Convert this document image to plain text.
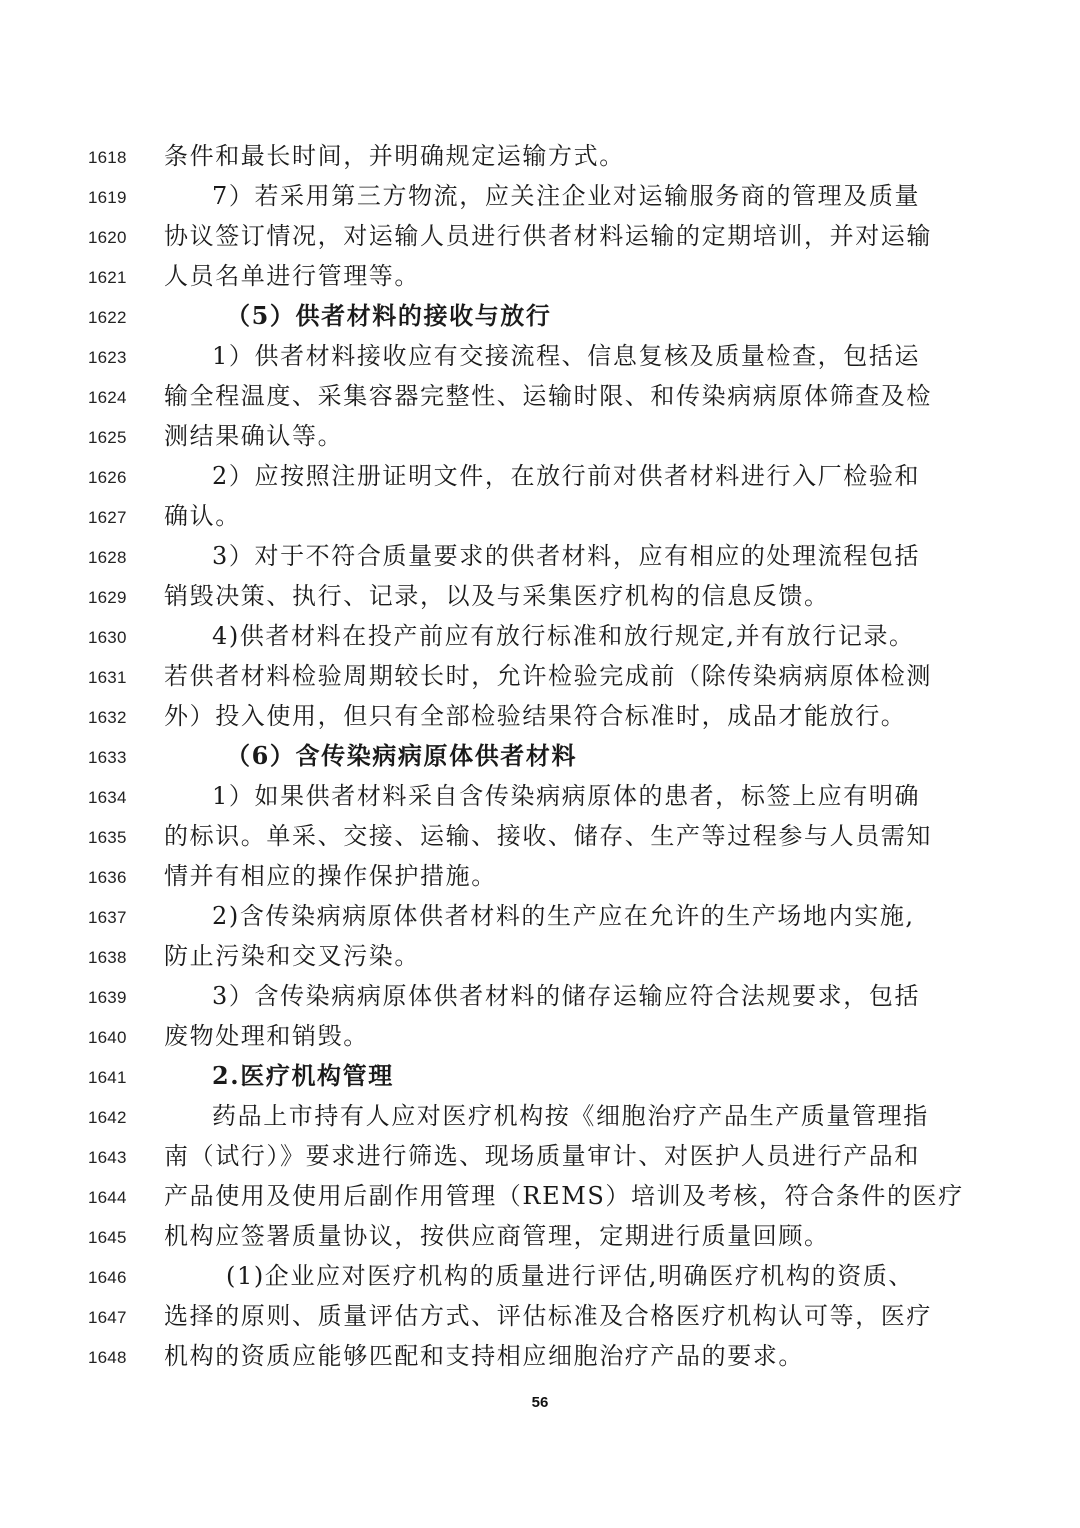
1618 条件和最长时间，并明确规定运输方式。
1619	7）若采用第三方物流，应关注企业对运输服务商的管理及质量
1620 协议签订情况，对运输人员进行供者材料运输的定期培训，并对运输
1621 人员名单进行管理等。
1622	（5）供者材料的接收与放行
1623	1）供者材料接收应有交接流程、信息复核及质量检查，包括运
1624 输全程温度、采集容器完整性、运输时限、和传染病病原体筛查及检
1625 测结果确认等。
1626	2）应按照注册证明文件，在放行前对供者材料进行入厂检验和
1627 确认。
1628	3）对于不符合质量要求的供者材料，应有相应的处理流程包括
1629 销毁决策、执行、记录，以及与采集医疗机构的信息反馈。
1630	4)供者材料在投产前应有放行标准和放行规定,并有放行记录。
1631 若供者材料检验周期较长时，允许检验完成前（除传染病病原体检测
1632 外）投入使用，但只有全部检验结果符合标准时，成品才能放行。
1633	（6）含传染病病原体供者材料
1634	1）如果供者材料采自含传染病病原体的患者，标签上应有明确
1635 的标识。单采、交接、运输、接收、储存、生产等过程参与人员需知
1636 情并有相应的操作保护措施。
1637	2)含传染病病原体供者材料的生产应在允许的生产场地内实施,
1638 防止污染和交叉污染。
1639	3）含传染病病原体供者材料的储存运输应符合法规要求，包括
1640 废物处理和销毁。
1641	2.医疗机构管理
1642	药品上市持有人应对医疗机构按《细胞治疗产品生产质量管理指
1643 南（试行）》要求进行筛选、现场质量审计、对医护人员进行产品和
1644 产品使用及使用后副作用管理（REMS）培训及考核，符合条件的医疗
1645 机构应签署质量协议，按供应商管理，定期进行质量回顾。
1646	(1)企业应对医疗机构的质量进行评估,明确医疗机构的资质、
1647 选择的原则、质量评估方式、评估标准及合格医疗机构认可等，医疗
1648 机构的资质应能够匹配和支持相应细胞治疗产品的要求。
56
